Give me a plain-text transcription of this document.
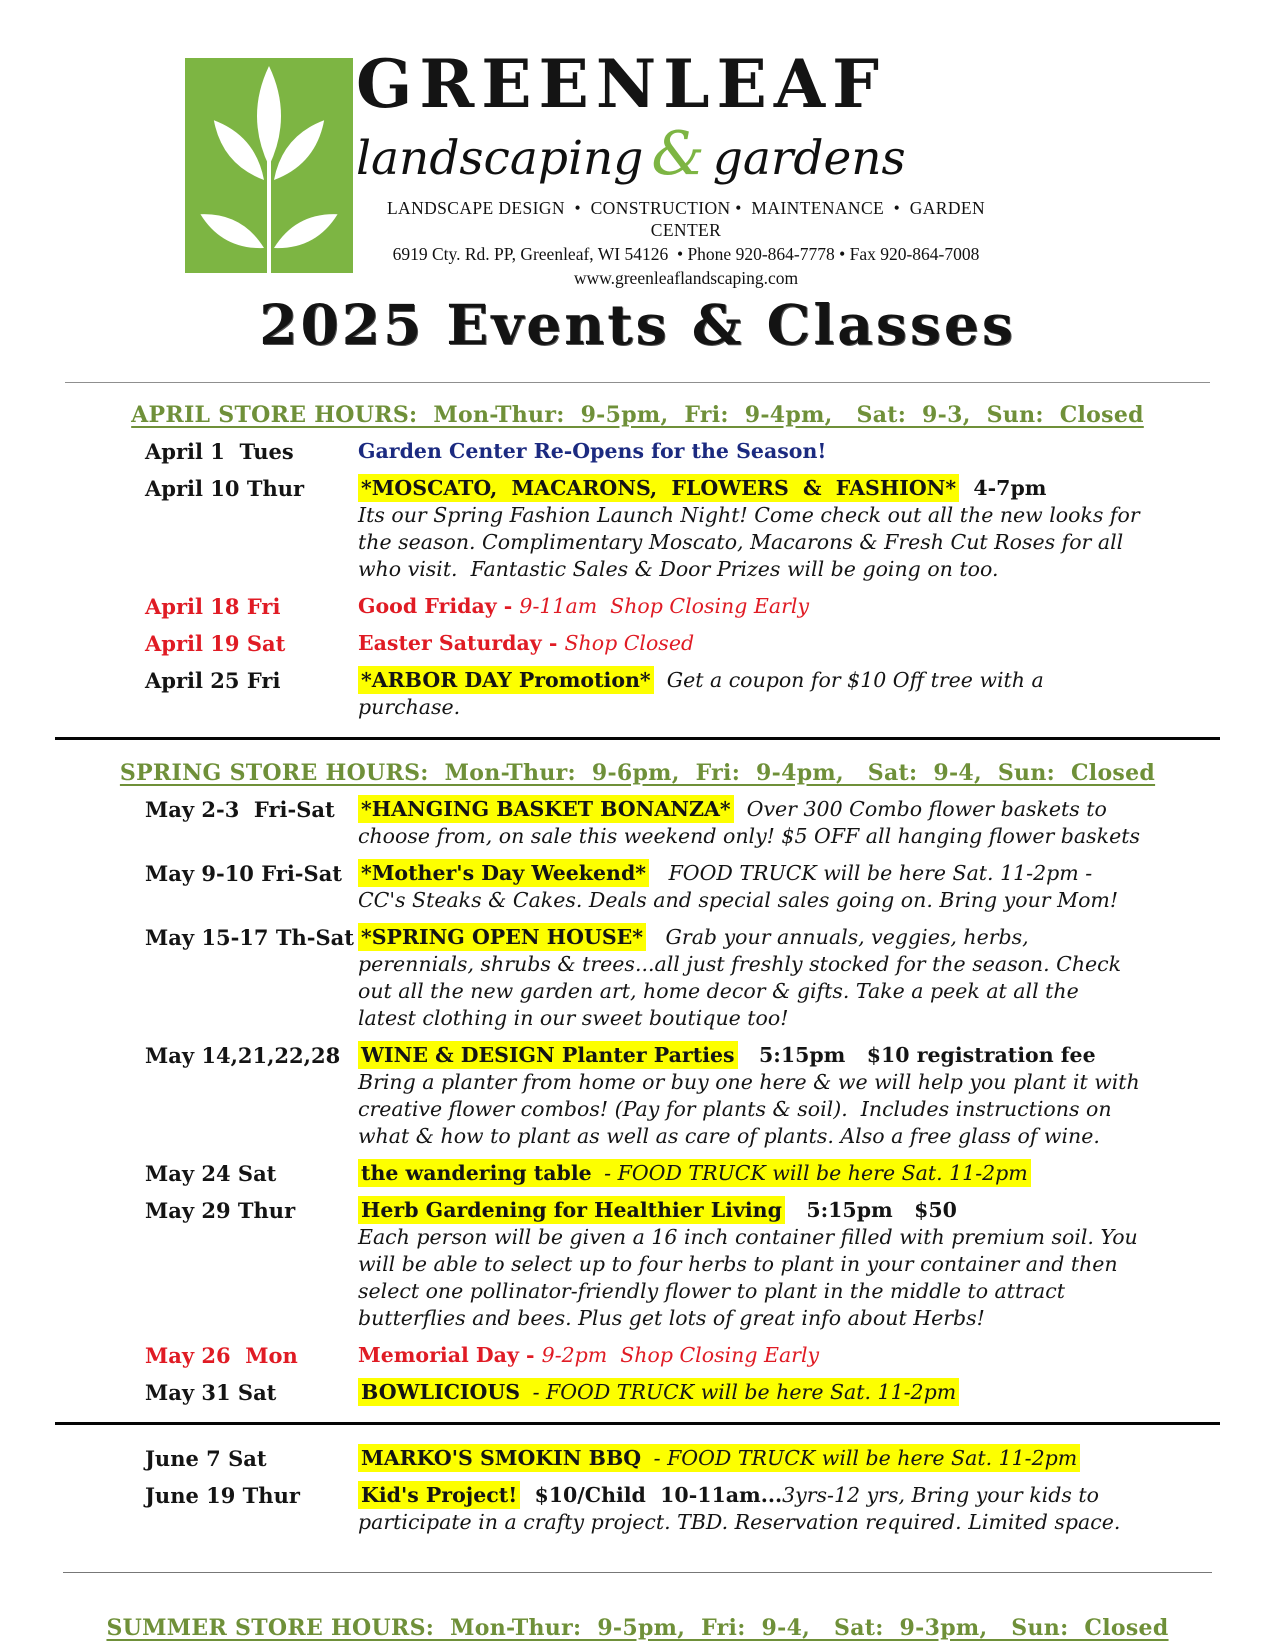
GREENLEAF
landscaping & gardens
LANDSCAPE DESIGN  •  CONSTRUCTION •  MAINTENANCE  •  GARDEN CENTER
6919 Cty. Rd. PP, Greenleaf, WI 54126  • Phone 920-864-7778 • Fax 920-864-7008
www.greenleaflandscaping.com
2025 Events & Classes
APRIL STORE HOURS:  Mon-Thur:  9-5pm,  Fri:  9-4pm,   Sat:  9-3,  Sun:  Closed
April 1  Tues	Garden Center Re-Opens for the Season!
April 10 Thur	*MOSCATO,  MACARONS,  FLOWERS  &  FASHION*  4-7pm
Its our Spring Fashion Launch Night! Come check out all the new looks for the season. Complimentary Moscato, Macarons & Fresh Cut Roses for all who visit.  Fantastic Sales & Door Prizes will be going on too.
April 18 Fri	Good Friday - 9-11am  Shop Closing Early
April 19 Sat	Easter Saturday - Shop Closed
April 25 Fri	*ARBOR DAY Promotion*  Get a coupon for $10 Off tree with a purchase.
SPRING STORE HOURS:  Mon-Thur:  9-6pm,  Fri:  9-4pm,   Sat:  9-4,  Sun:  Closed
May 2-3  Fri-Sat	*HANGING BASKET BONANZA*  Over 300 Combo flower baskets to choose from, on sale this weekend only! $5 OFF all hanging flower baskets
May 9-10 Fri-Sat *Mother's Day Weekend*   FOOD TRUCK will be here Sat. 11-2pm - CC's Steaks & Cakes. Deals and special sales going on. Bring your Mom!
May 15-17 Th-Sat *SPRING OPEN HOUSE*   Grab your annuals, veggies, herbs, perennials, shrubs & trees...all just freshly stocked for the season. Check out all the new garden art, home decor & gifts. Take a peek at all the latest clothing in our sweet boutique too!
May 14,21,22,28	WINE & DESIGN Planter Parties   5:15pm   $10 registration fee
Bring a planter from home or buy one here & we will help you plant it with creative flower combos! (Pay for plants & soil).  Includes instructions on what & how to plant as well as care of plants. Also a free glass of wine.
May 24 Sat	the wandering table - FOOD TRUCK will be here Sat. 11-2pm
May 29 Thur	Herb Gardening for Healthier Living   5:15pm   $50
Each person will be given a 16 inch container filled with premium soil. You will be able to select up to four herbs to plant in your container and then select one pollinator-friendly flower to plant in the middle to attract butterflies and bees. Plus get lots of great info about Herbs!
May 26  Mon	Memorial Day - 9-2pm  Shop Closing Early
May 31 Sat	BOWLICIOUS - FOOD TRUCK will be here Sat. 11-2pm
June 7 Sat	MARKO'S SMOKIN BBQ - FOOD TRUCK will be here Sat. 11-2pm
June 19 Thur	Kid's Project!  $10/Child  10-11am...3yrs-12 yrs, Bring your kids to participate in a crafty project. TBD. Reservation required. Limited space.
SUMMER STORE HOURS:  Mon-Thur:  9-5pm,  Fri:  9-4,   Sat:  9-3pm,   Sun:  Closed
